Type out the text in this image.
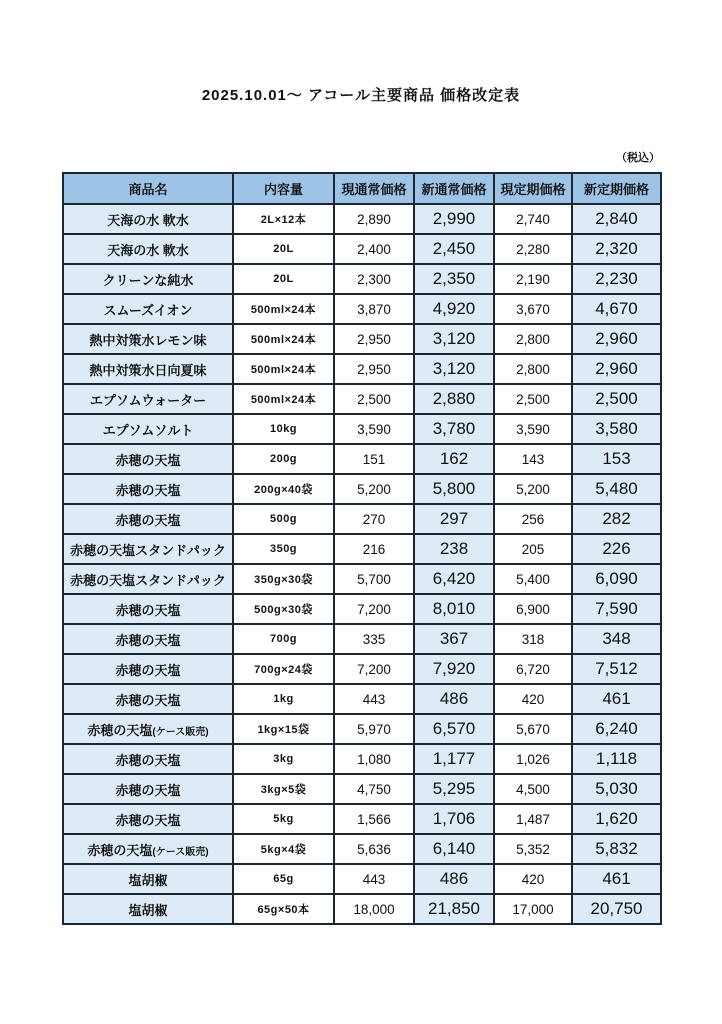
2025.10.01～ アコール主要商品 価格改定表
（税込）
商品名	内容量	現通常価格	新通常価格	現定期価格	新定期価格
天海の水 軟水	2L×12本	2,890	2,990	2,740	2,840
天海の水 軟水	20L	2,400	2,450	2,280	2,320
クリーンな純水	20L	2,300	2,350	2,190	2,230
スムーズイオン	500ml×24本	3,870	4,920	3,670	4,670
熱中対策水レモン味	500ml×24本	2,950	3,120	2,800	2,960
熱中対策水日向夏味	500ml×24本	2,950	3,120	2,800	2,960
エプソムウォーター	500ml×24本	2,500	2,880	2,500	2,500
エプソムソルト	10kg	3,590	3,780	3,590	3,580
赤穂の天塩	200g	151	162	143	153
赤穂の天塩	200g×40袋	5,200	5,800	5,200	5,480
赤穂の天塩	500g	270	297	256	282
赤穂の天塩スタンドパック	350g	216	238	205	226
赤穂の天塩スタンドパック	350g×30袋	5,700	6,420	5,400	6,090
赤穂の天塩	500g×30袋	7,200	8,010	6,900	7,590
赤穂の天塩	700g	335	367	318	348
赤穂の天塩	700g×24袋	7,200	7,920	6,720	7,512
赤穂の天塩	1kg	443	486	420	461
赤穂の天塩(ケース販売)	1kg×15袋	5,970	6,570	5,670	6,240
赤穂の天塩	3kg	1,080	1,177	1,026	1,118
赤穂の天塩	3kg×5袋	4,750	5,295	4,500	5,030
赤穂の天塩	5kg	1,566	1,706	1,487	1,620
赤穂の天塩(ケース販売)	5kg×4袋	5,636	6,140	5,352	5,832
塩胡椒	65g	443	486	420	461
塩胡椒	65g×50本	18,000	21,850	17,000	20,750
